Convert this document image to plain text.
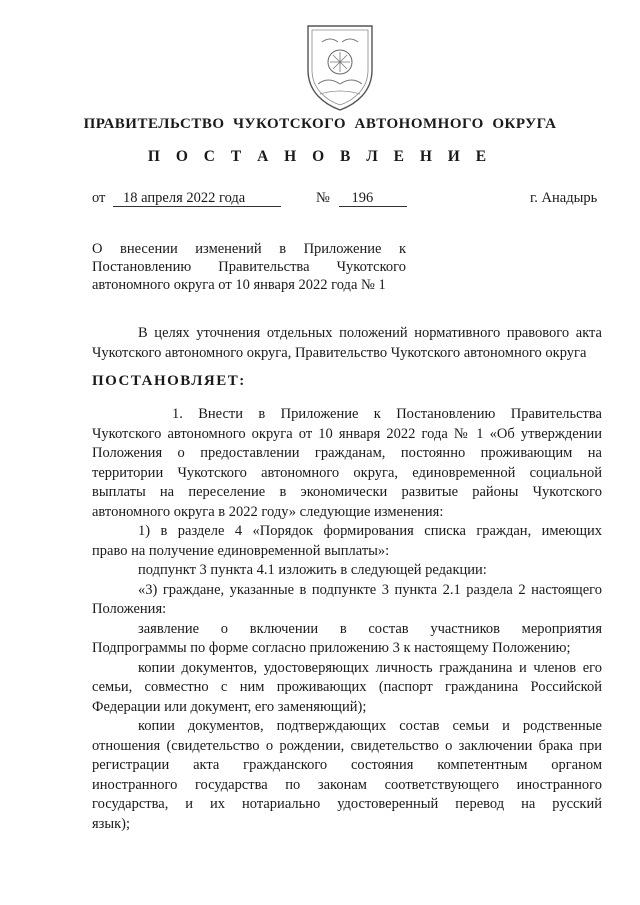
ПРАВИТЕЛЬСТВО  ЧУКОТСКОГО  АВТОНОМНОГО  ОКРУГА
П О С Т А Н О В Л Е Н И Е
от 18 апреля 2022 года	№ 196	г. Анадырь
О внесении изменений в Приложение к
Постановлению Правительства Чукотского
автономного округа от 10 января 2022 года № 1
В целях уточнения отдельных положений нормативного правового акта
Чукотского автономного округа, Правительство Чукотского автономного округа
ПОСТАНОВЛЯЕТ:
1. Внести в Приложение к Постановлению Правительства
Чукотского автономного округа от 10 января 2022 года № 1 «Об утверждении
Положения о предоставлении гражданам, постоянно проживающим на
территории Чукотского автономного округа, единовременной социальной
выплаты на переселение в экономически развитые районы Чукотского
автономного округа в 2022 году» следующие изменения:
1) в разделе 4 «Порядок формирования списка граждан, имеющих
право на получение единовременной выплаты»:
подпункт 3 пункта 4.1 изложить в следующей редакции:
«3) граждане, указанные в подпункте 3 пункта 2.1 раздела 2 настоящего
Положения:
заявление о включении в состав участников мероприятия
Подпрограммы по форме согласно приложению 3 к настоящему Положению;
копии документов, удостоверяющих личность гражданина и членов его
семьи, совместно с ним проживающих (паспорт гражданина Российской
Федерации или документ, его заменяющий);
копии документов, подтверждающих состав семьи и родственные
отношения (свидетельство о рождении, свидетельство о заключении брака при
регистрации акта гражданского состояния компетентным органом
иностранного государства по законам соответствующего иностранного
государства, и их нотариально удостоверенный перевод на русский
язык);
